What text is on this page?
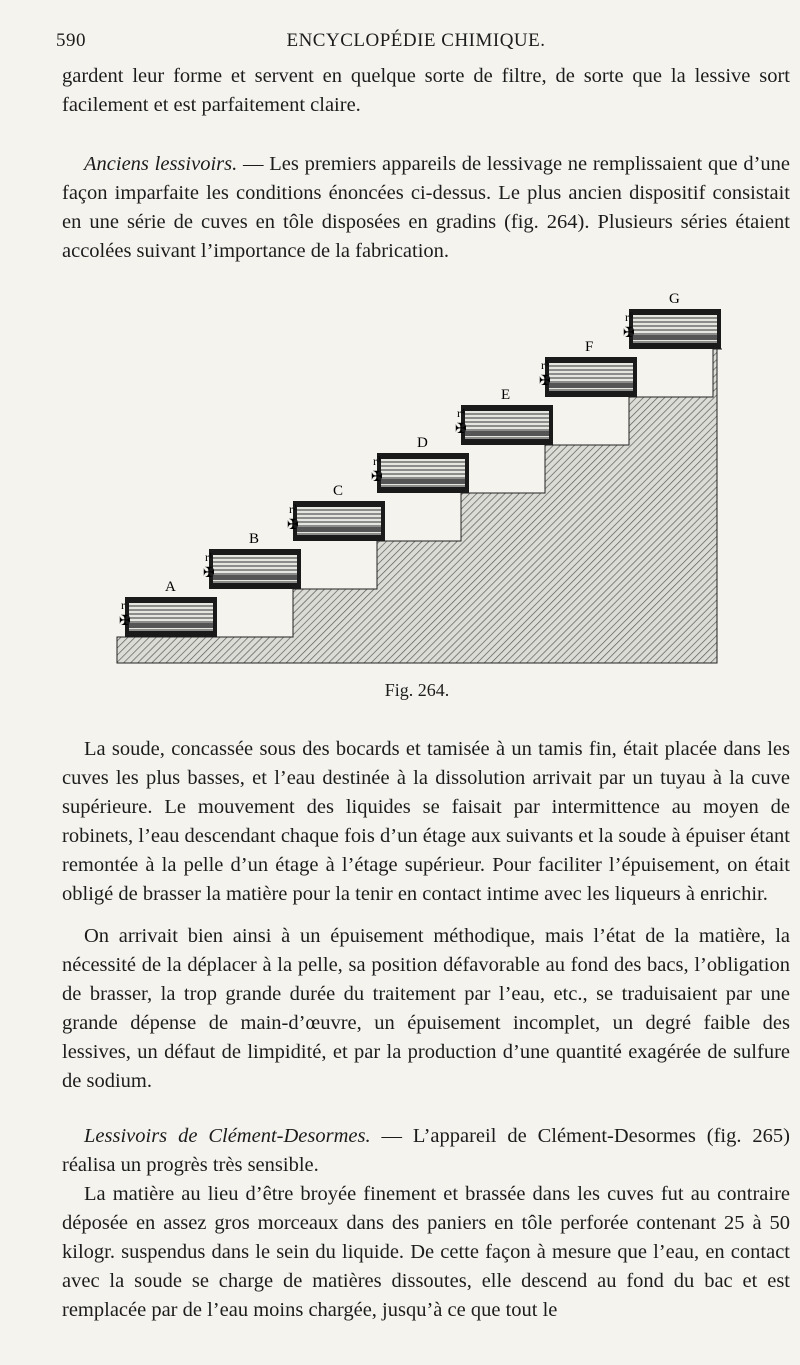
590	ENCYCLOPÉDIE CHIMIQUE.
gardent leur forme et servent en quelque sorte de filtre, de sorte que la lessive sort facilement et est parfaitement claire.
Anciens lessivoirs. — Les premiers appareils de lessivage ne remplissaient que d’une façon imparfaite les conditions énoncées ci-dessus. Le plus ancien dispositif consistait en une série de cuves en tôle disposées en gradins (fig. 264). Plusieurs séries étaient accolées suivant l’importance de la fabrication.
A
r
✠
B
r¹
✠
C
r²
✠
D
r³
✠
E
r⁴
✠
F
r⁵
✠
G
r⁶
✠
Fig. 264.
La soude, concassée sous des bocards et tamisée à un tamis fin, était placée dans les cuves les plus basses, et l’eau destinée à la dissolution arrivait par un tuyau à la cuve supérieure. Le mouvement des liquides se faisait par intermittence au moyen de robinets, l’eau descendant chaque fois d’un étage aux suivants et la soude à épuiser étant remontée à la pelle d’un étage à l’étage supérieur. Pour faciliter l’épuisement, on était obligé de brasser la matière pour la tenir en contact intime avec les liqueurs à enrichir.
On arrivait bien ainsi à un épuisement méthodique, mais l’état de la matière, la nécessité de la déplacer à la pelle, sa position défavorable au fond des bacs, l’obligation de brasser, la trop grande durée du traitement par l’eau, etc., se traduisaient par une grande dépense de main-d’œuvre, un épuisement incomplet, un degré faible des lessives, un défaut de limpidité, et par la production d’une quantité exagérée de sulfure de sodium.
Lessivoirs de Clément-Desormes. — L’appareil de Clément-Desormes (fig. 265) réalisa un progrès très sensible.
La matière au lieu d’être broyée finement et brassée dans les cuves fut au contraire déposée en assez gros morceaux dans des paniers en tôle perforée contenant 25 à 50 kilogr. suspendus dans le sein du liquide. De cette façon à mesure que l’eau, en contact avec la soude se charge de matières dissoutes, elle descend au fond du bac et est remplacée par de l’eau moins chargée, jusqu’à ce que tout le
